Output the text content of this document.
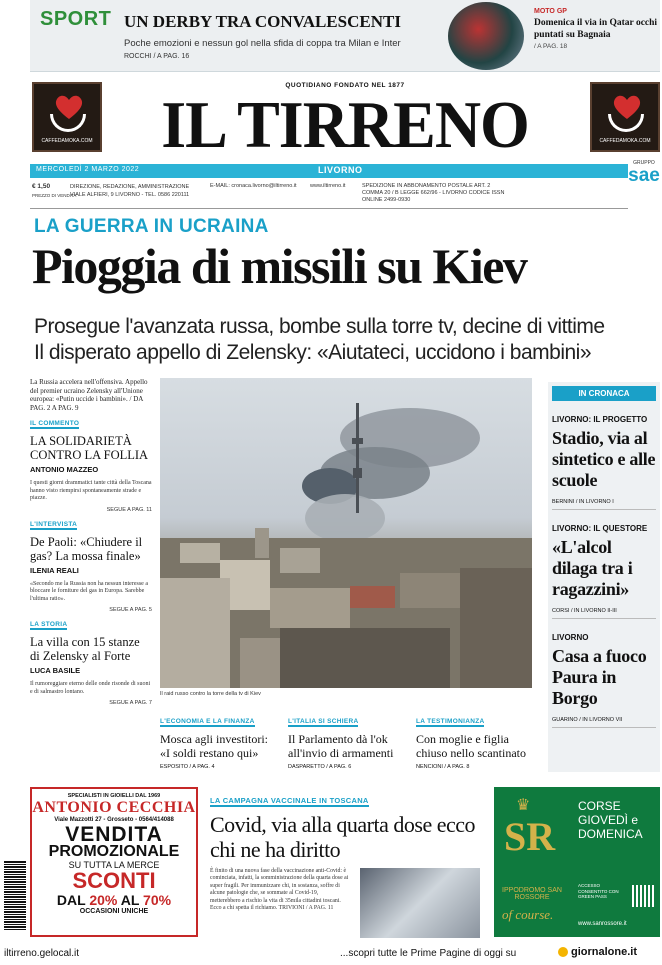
SPORT UN DERBY TRA CONVALESCENTI
Poche emozioni e nessun gol nella sfida di coppa tra Milan e Inter
ROCCHI / A PAG. 16
MOTO GP
Domenica il via in Qatar occhi puntati su Bagnaia
/ A PAG. 18
CAFFEDAMOKA.COM
QUOTIDIANO FONDATO NEL 1877
IL TIRRENO	CAFFEDAMOKA.COM
MERCOLEDÌ 2 MARZO 2022	LIVORNO
GRUPPO
sae
€ 1,50
PREZZO DI VENDITA
DIREZIONE, REDAZIONE, AMMINISTRAZIONE VIALE ALFIERI, 9 LIVORNO - TEL. 0586 220111
E-MAIL: cronaca.livorno@iltirreno.it www.iltirreno.it	SPEDIZIONE IN ABBONAMENTO POSTALE ART. 2 COMMA 20 / B LEGGE 662/96 - LIVORNO CODICE ISSN ONLINE 2499-0930
LA GUERRA IN UCRAINA
Pioggia di missili su Kiev
Prosegue l'avanzata russa, bombe sulla torre tv, decine di vittime
Il disperato appello di Zelensky: «Aiutateci, uccidono i bambini»
La Russia accelera nell'offensiva. Appello del premier ucraino Zelensky all'Unione europea: «Putin uccide i bambini». / DA PAG. 2 A PAG. 9
IL COMMENTO
LA SOLIDARIETÀ CONTRO LA FOLLIA
ANTONIO MAZZEO
I questi giorni drammatici tante città della Toscana hanno visto riempirsi spontaneamente strade e piazze.
SEGUE A PAG. 11
L'INTERVISTA
De Paoli: «Chiudere il gas? La mossa finale»
ILENIA REALI
«Secondo me la Russia non ha nessun interesse a bloccare le forniture del gas in Europa. Sarebbe l'ultima ratio».
SEGUE A PAG. 5
LA STORIA
La villa con 15 stanze di Zelensky al Forte
LUCA BASILE
Il rumoreggiare eterno delle onde risonde di suoni e di salmastro lontano.
SEGUE A PAG. 7
Il raid russo contro la torre della tv di Kiev
L'ECONOMIA E LA FINANZA
Mosca agli investitori: «I soldi restano qui»
ESPOSITO / A PAG. 4
L'ITALIA SI SCHIERA
Il Parlamento dà l'ok all'invio di armamenti
DASPARETTO / A PAG. 6
LA TESTIMONIANZA
Con moglie e figlia chiuso nello scantinato
NENCIONI / A PAG. 8
IN CRONACA
LIVORNO: IL PROGETTO
Stadio, via al sintetico e alle scuole
BERNINI / IN LIVORNO I
LIVORNO: IL QUESTORE
«L'alcol dilaga tra i ragazzini»
CORSI / IN LIVORNO II-III
LIVORNO
Casa a fuoco Paura in Borgo
GUARINO / IN LIVORNO VII
SPECIALISTI IN GIOIELLI DAL 1969
ANTONIO CECCHIA
Viale Mazzotti 27 - Grosseto - 0564/414088
VENDITA
PROMOZIONALE
SU TUTTA LA MERCE
SCONTI
DAL 20% AL 70%
OCCASIONI UNICHE
LA CAMPAGNA VACCINALE IN TOSCANA
Covid, via alla quarta dose ecco chi ne ha diritto
È finito di una nuova fase della vaccinazione anti-Covid: è cominciata, infatti, la somministrazione della quarta dose ai super fragili. Per immunizzare chi, in sostanza, soffre di alcune patologie che, se sommate al Covid-19, metterebbero a rischio la vita di 35mila cittadini toscani. Ecco a chi spetta il richiamo. TRIVIONI / A PAG. 11
♛
SR
IPPODROMO SAN ROSSORE
of course.
CORSE GIOVEDÌ e DOMENICA
ACCESSO CONSENTITO CON GREEN PASS
www.sanrossore.it
iltirreno.gelocal.it	...scopri tutte le Prime Pagine di oggi su	giornalone.it
